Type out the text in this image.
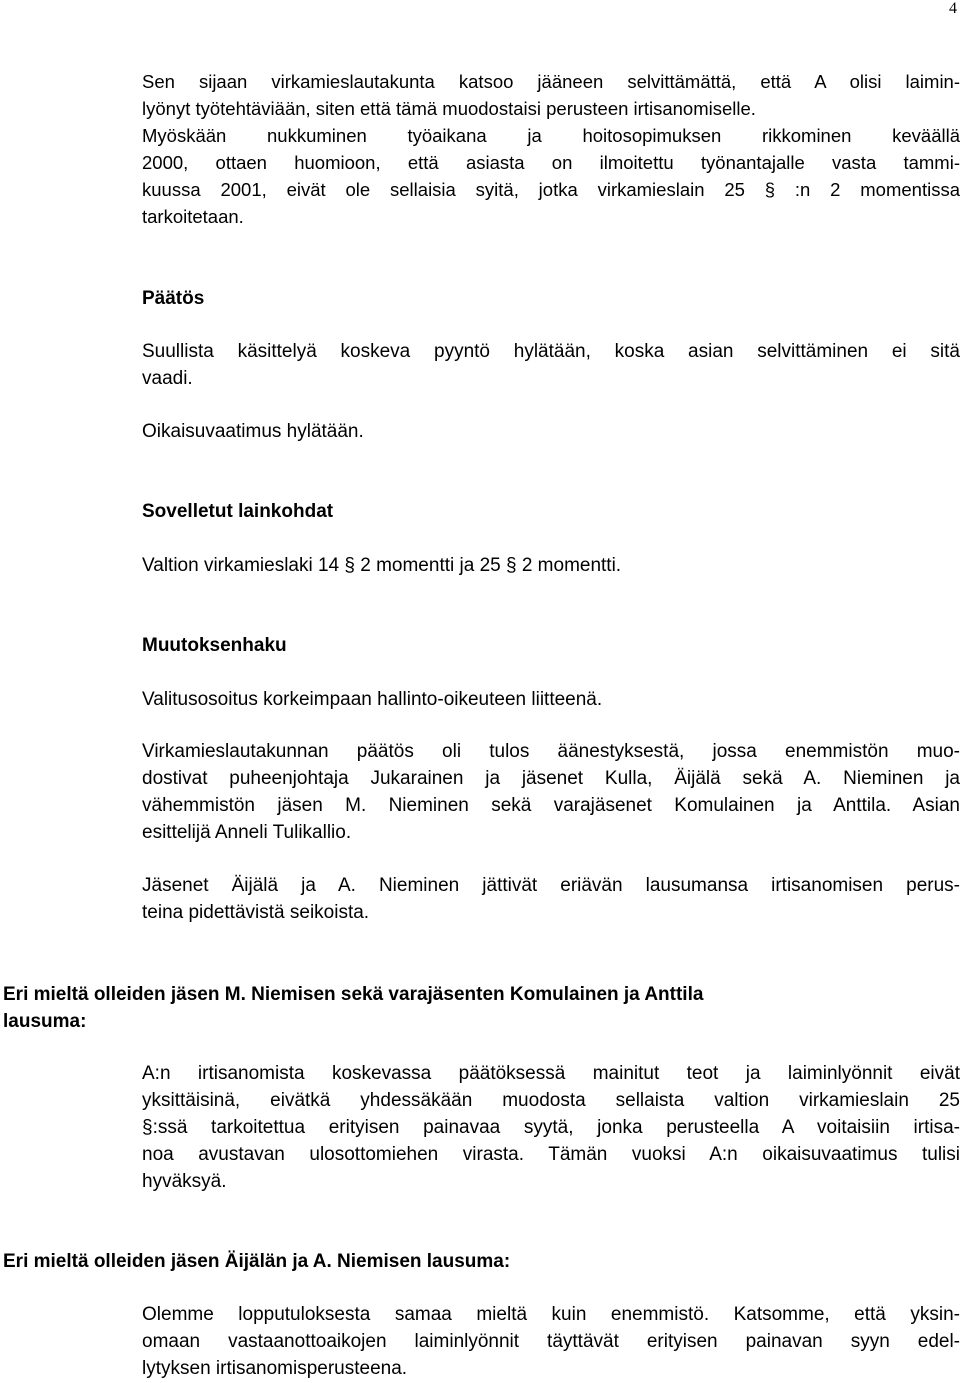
4
Sen sijaan virkamieslautakunta katsoo jääneen selvittämättä, että A olisi laimin-
lyönyt työtehtäviään, siten että tämä muodostaisi perusteen irtisanomiselle.
Myöskään nukkuminen työaikana ja hoitosopimuksen rikkominen keväällä
2000, ottaen huomioon, että asiasta on ilmoitettu työnantajalle vasta tammi-
kuussa 2001, eivät ole sellaisia syitä, jotka virkamieslain 25 § :n 2 momentissa
tarkoitetaan.
Päätös
Suullista käsittelyä koskeva pyyntö hylätään, koska asian selvittäminen ei sitä
vaadi.
Oikaisuvaatimus hylätään.
Sovelletut lainkohdat
Valtion virkamieslaki 14 § 2 momentti ja 25 § 2 momentti.
Muutoksenhaku
Valitusosoitus korkeimpaan hallinto-oikeuteen liitteenä.
Virkamieslautakunnan päätös oli tulos äänestyksestä, jossa enemmistön muo-
dostivat puheenjohtaja Jukarainen ja jäsenet Kulla, Äijälä sekä A. Nieminen ja
vähemmistön jäsen M. Nieminen sekä varajäsenet Komulainen ja Anttila. Asian
esittelijä Anneli Tulikallio.
Jäsenet Äijälä ja A. Nieminen jättivät eriävän lausumansa irtisanomisen perus-
teina pidettävistä seikoista.
Eri mieltä olleiden jäsen M. Niemisen sekä varajäsenten Komulainen ja Anttila
lausuma:
A:n irtisanomista koskevassa päätöksessä mainitut teot ja laiminlyönnit eivät
yksittäisinä, eivätkä yhdessäkään muodosta sellaista valtion virkamieslain 25
§:ssä tarkoitettua erityisen painavaa syytä, jonka perusteella A voitaisiin irtisa-
noa avustavan ulosottomiehen virasta. Tämän vuoksi A:n oikaisuvaatimus tulisi
hyväksyä.
Eri mieltä olleiden jäsen Äijälän ja A. Niemisen lausuma:
Olemme lopputuloksesta samaa mieltä kuin enemmistö. Katsomme, että yksin-
omaan vastaanottoaikojen laiminlyönnit täyttävät erityisen painavan syyn edel-
lytyksen irtisanomisperusteena.
